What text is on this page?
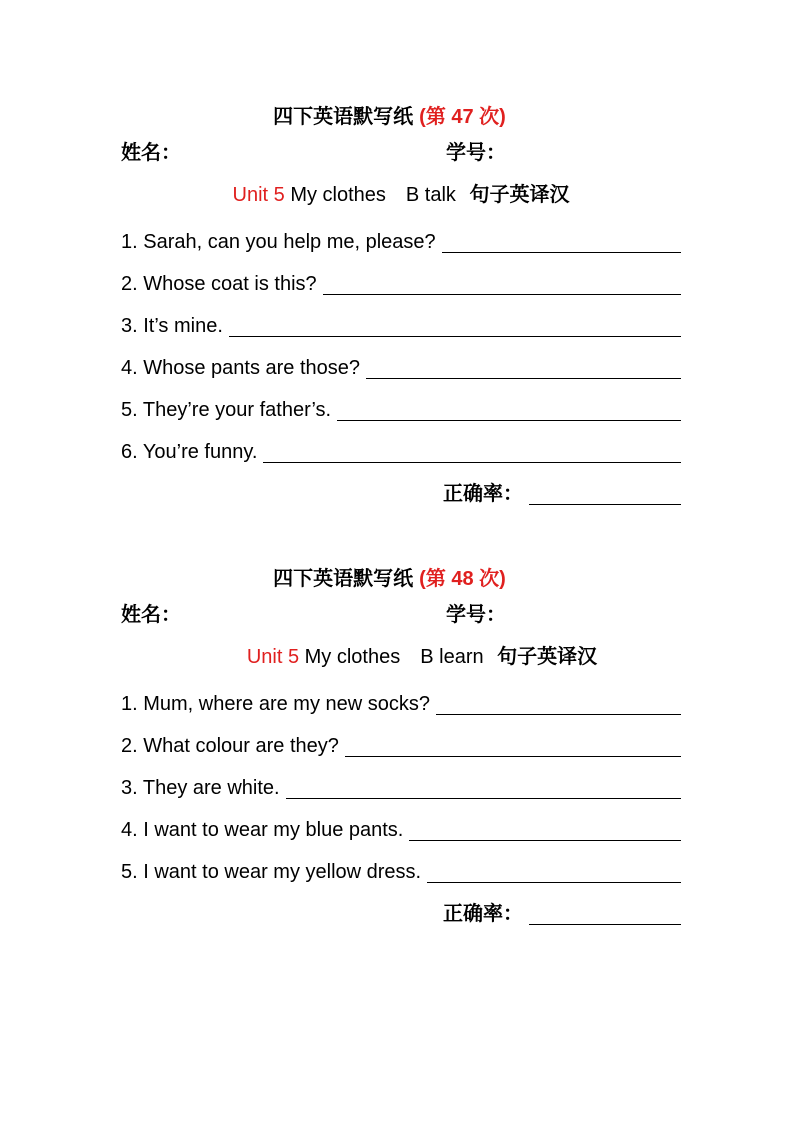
四下英语默写纸 (第 47 次)
姓名：	学号：
Unit 5 My clothes B talk 句子英译汉
1. Sarah, can you help me, please?
2. Whose coat is this?
3. It’s mine.
4. Whose pants are those?
5. They’re your father’s.
6. You’re funny.
正确率：
四下英语默写纸 (第 48 次)
姓名：	学号：
Unit 5 My clothes B learn 句子英译汉
1. Mum, where are my new socks?
2. What colour are they?
3. They are white.
4. I want to wear my blue pants.
5. I want to wear my yellow dress.
正确率：
